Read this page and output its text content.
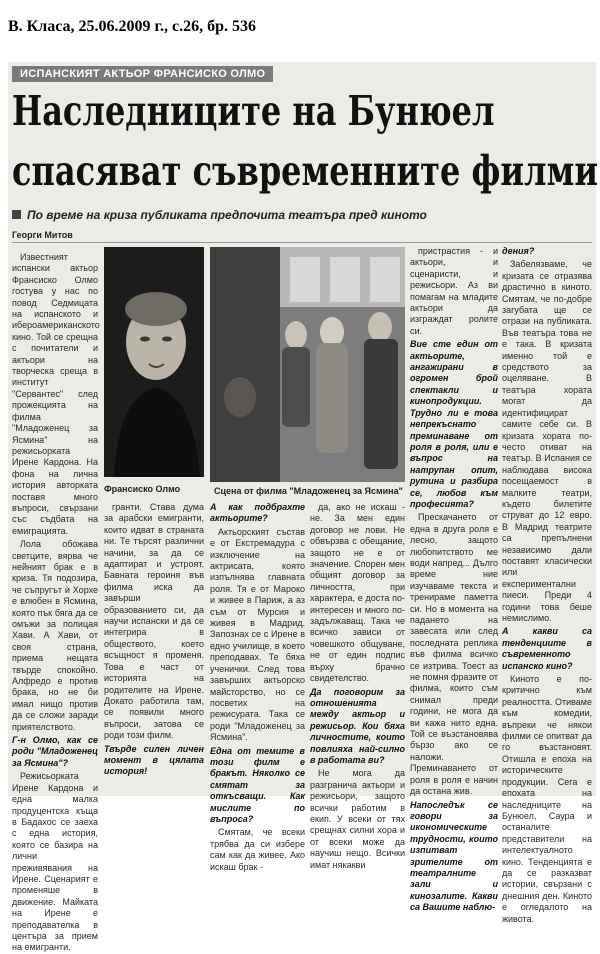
В. Класа, 25.06.2009 г., с.26, бр. 536
ИСПАНСКИЯТ АКТЬОР ФРАНСИСКО ОЛМО
Наследниците на Бунюел
спасяват съвременните филми
По време на криза публиката предпочита театъра пред киното
Георги Митов

Известният испански актьор Франсиско Олмо гостува у нас по повод Седмицата на испанското и ибероамериканското кино. Той се срещна с почитатели и актьори на творческа среща в институт "Сервантес" след прожекцията на филма "Младоженец за Ясмина" на режисьорката Ирене Кардона. На фона на лична история авторката поставя много въпроси, свързани със съдбата на емиграцията.

Лола обожава светците, вярва че нейният брак е в криза. Тя подозира, че съпругът ѝ Хорхе е влюбен в Ясмина, която пък бяга да се омъжи за полицая Хави. А Хави, от своя страна, приема нещата твърде спокойно. Алфредо е против брака, но не би имал нищо против да се сложи заради приятелството.

Г-н Олмо, как се роди "Младоженец за Ясмина"?

Режисьорката Ирене Кардона и една малка продуцентска къща в Бадахос се заеха с една история, която се базира на лични преживявания на Ирене. Сценарият е променяше в движение. Майката на Ирене е преподавателка в центъра за прием на емигранти.

Франсиско Олмо	Сцена от филма "Младоженец за Ясмина"

гранти. Става дума за арабски емигранти, които идват в страната ни. Те търсят различни начини, за да се адаптират и устроят. Бавната героиня във филма иска да завърши образованието си, да научи испански и да се интегрира в обществото, което всъщност я променя. Това е част от историята на родителите на Ирене. Докато работила там, се появили много въпроси, затова се роди този филм.

Твърде силен личен момент в цялата история!

А как подбрахте актьорите?

Актьорският състав е от Екстремадура с изключение на актрисата, която изпълнява главната роля. Тя е от Мароко и живее в Париж, а аз съм от Мурсия и живея в Мадрид. Запознах се с Ирене в едно училище, в което преподавах. Те бяха ученички. След това завърших актьорско майсторство, но се посветих на режисурата. Така се роди "Младоженец за Ясмина".

Една от темите в този филм е бракът. Няколко се смятат за откъсващи. Как мислите по въпроса?

Смятам, че всеки трябва да си избере сам как да живее. Ако искаш брак -

да, ако не искаш - не. За мен един договор не лови. Не обвързва с обещание, защото не е от значение. Спорен мен общият договор за личността, при характера, е доста по-интересен и много по-задължаващ. Така че всичко зависи от човешкото общуване, не от един подпис върху брачно свидетелство.

Да поговорим за отношенията между актьор и режисьор. Кои бяха личностите, които повлияха най-силно в работата ви?

Не мога да разгранича актьори и режисьори, защото всички работим в екип. У всеки от тях срещнах силни хора и от всеки може да научиш нещо. Всички имат някакви

пристрастия - и актьори, и сценаристи, и режисьори. Аз ви помагам на младите актьори да изграждат ролите си.

Вие сте един от актьорите, ангажирани в огромен брой спектакли и кинопродукции. Трудно ли е това непрекъснато преминаване от роля в роля, или е въпрос на натрупан опит, рутина и разбира се, любов към професията?

Прескачането от една в друга роля е лесно, защото любопитството ме води напред... Дълго време ние изучаваме текста и тренираме паметта си. Но в момента на падането на завесата или след последната реплика във филма всичко се изтрива. Тоест аз не помня фразите от филма, които съм снимал преди години, не мога да ви кажа нито една. Той се възстановява бързо ако се наложи. Преминаването от роля в роля е начин да остана жив.

Напоследък се говори за икономическите трудности, които изпитват зрителите от театралните зали и кинозалите. Какви са Вашите наблю-

дения?

Забелязваме, че кризата се отразява драстично в киното. Смятам, че по-добре загубата ще се отрази на публиката. Във театъра това не е така. В кризата именно той е средството за оцеляване. В театъра хората могат да идентифицират самите себе си. В кризата хората по-често отиват на театър. В Испания се наблюдава висока посещаемост в малките театри, където билетите струват до 12 евро. В Мадрид театрите са препълнени независимо дали поставят класически или експериментални пиеси. Преди 4 години това беше немислимо.

А какви са тенденциите в съвременното испанско кино?

Киното е по-критично към реалността. Отиваме към комедии, въпреки че някои филми се опитват да го възстановят. Отишла е епоха на историческите продукции. Сега е епохата на наследниците на Бунюел, Саура и останалите представители на интелектуалното кино. Тенденцията е да се разказват истории, свързани с днешния ден. Киното е огледалото на живота.
